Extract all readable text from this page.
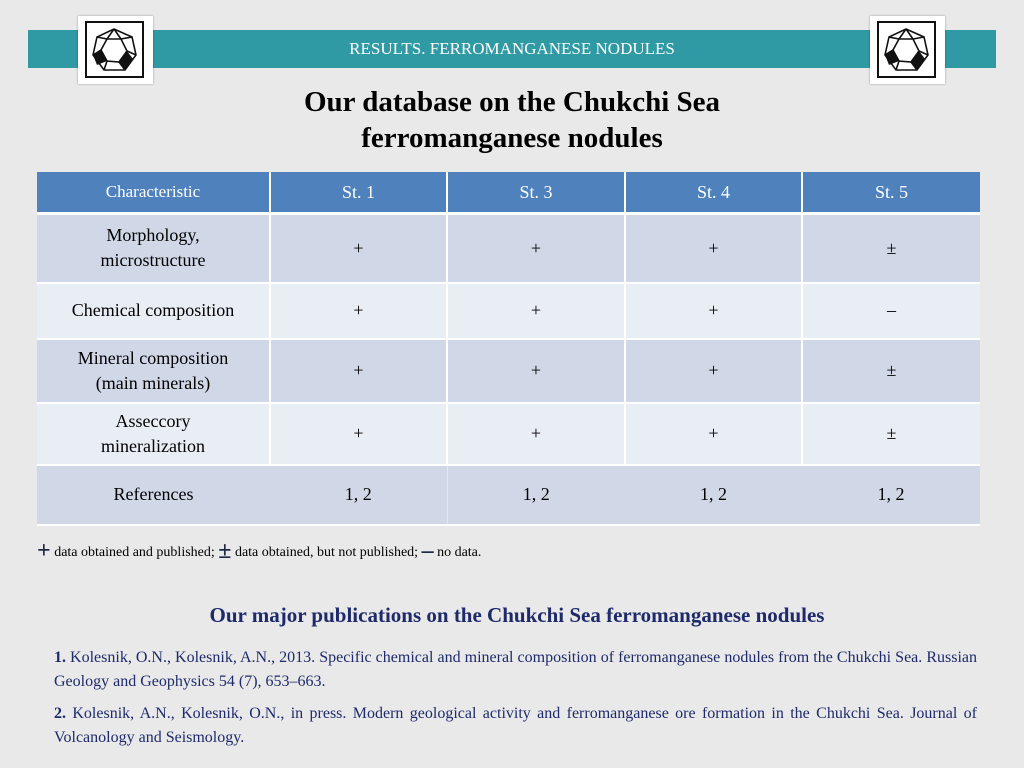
RESULTS. FERROMANGANESE NODULES
Our database on the Chukchi Sea
ferromanganese nodules
Characteristic	St. 1	St. 3	St. 4	St. 5

Morphology,
microstructure	+	+	+	±

Chemical composition	+	+	+	–

Mineral composition
(main minerals)	+	+	+	±

Asseccory
mineralization	+	+	+	±

References	1, 2	1, 2	1, 2	1, 2
+ data obtained and published; ± data obtained, but not published; – no data.
Our major publications on the Chukchi Sea ferromanganese nodules
1. Kolesnik, O.N., Kolesnik, A.N., 2013. Specific chemical and mineral composition of ferromanganese nodules from the Chukchi Sea. Russian Geology and Geophysics 54 (7), 653–663.
2. Kolesnik, A.N., Kolesnik, O.N., in press. Modern geological activity and ferromanganese ore formation in the Chukchi Sea. Journal of Volcanology and Seismology.
